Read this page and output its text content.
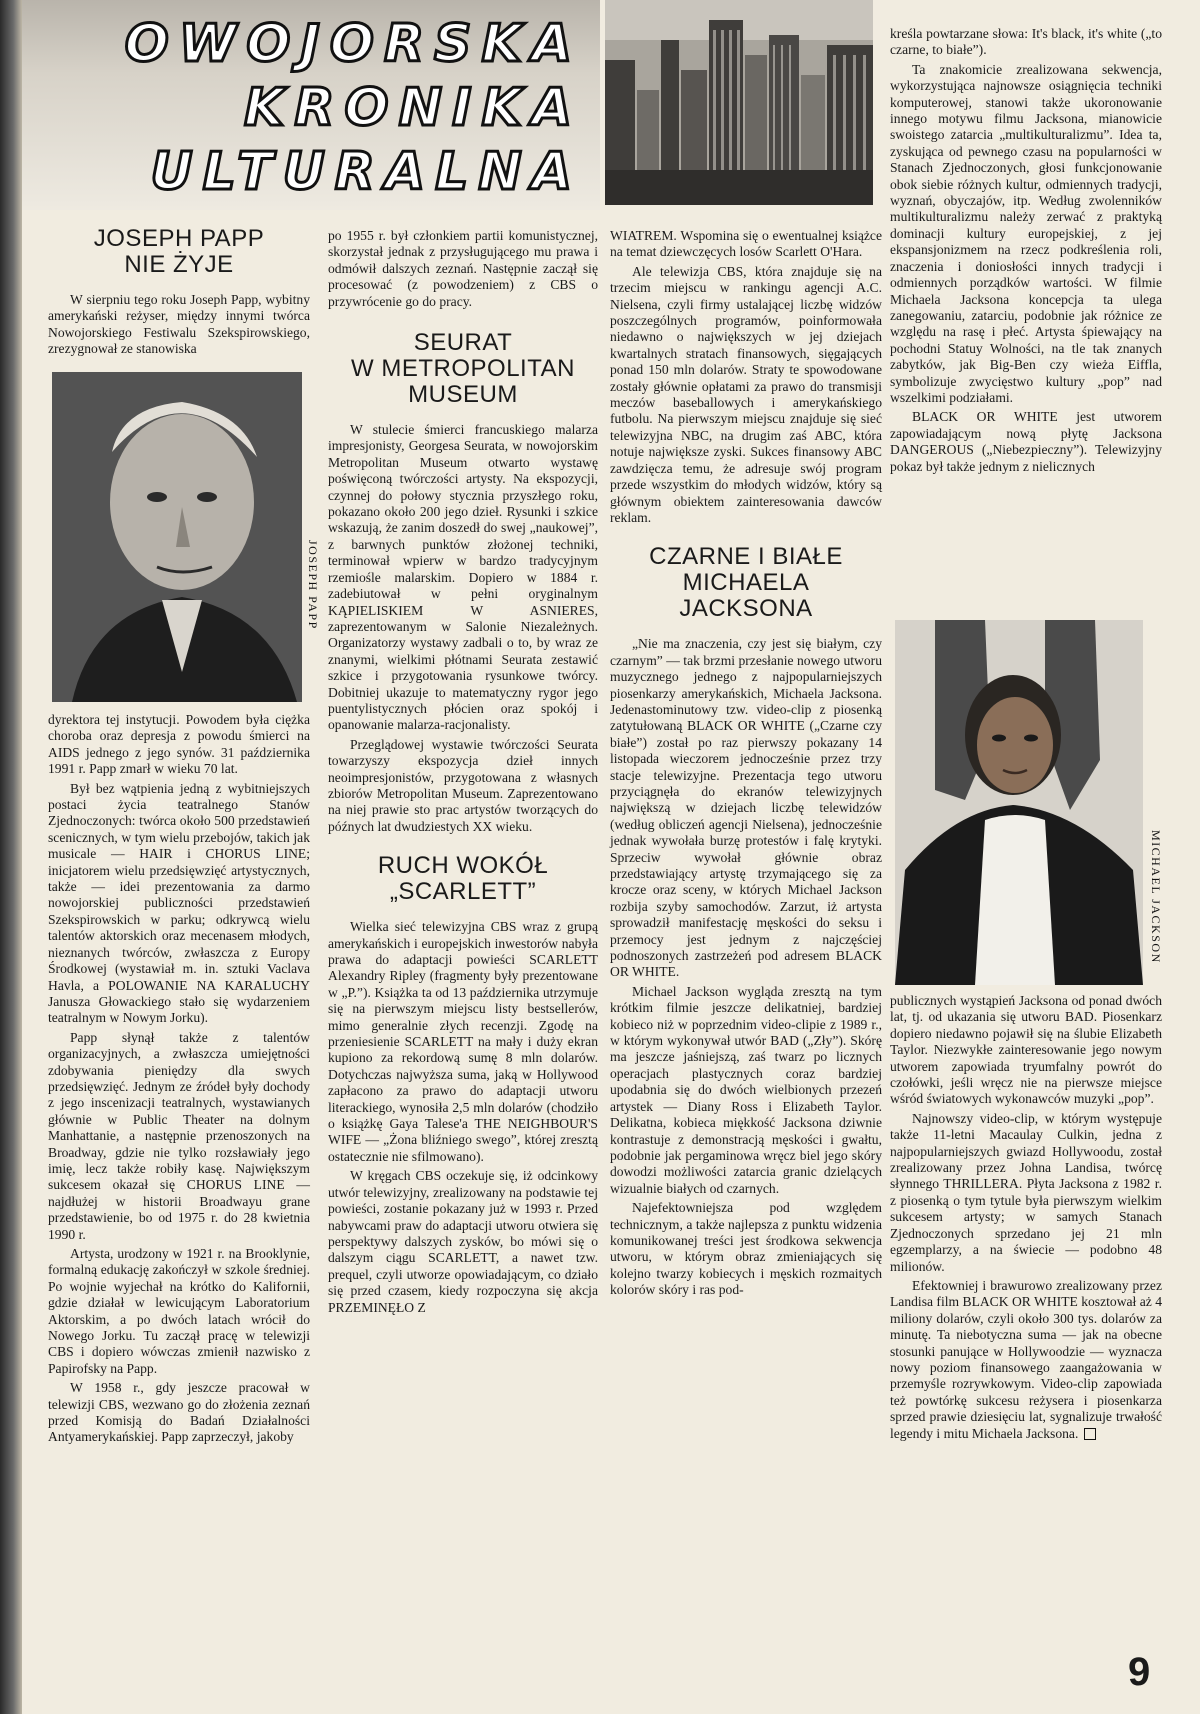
OWOJORSKA
KRONIKA
ULTURALNA
JOSEPH PAPP
NIE ŻYJE

W sierpniu tego roku Joseph Papp, wybitny amerykański reżyser, między innymi twórca Nowojorskiego Festiwalu Szekspirowskiego, zrezygnował ze stanowiska

JOSEPH PAPP

dyrektora tej instytucji. Powodem była ciężka choroba oraz depresja z powodu śmierci na AIDS jednego z jego synów. 31 października 1991 r. Papp zmarł w wieku 70 lat.

Był bez wątpienia jedną z wybitniejszych postaci życia teatralnego Stanów Zjednoczonych: twórca około 500 przedstawień scenicznych, w tym wielu przebojów, takich jak musicale — HAIR i CHORUS LINE; inicjatorem wielu przedsięwzięć artystycznych, także — idei prezentowania za darmo nowojorskiej publiczności przedstawień Szekspirowskich w parku; odkrywcą wielu talentów aktorskich oraz mecenasem młodych, nieznanych twórców, zwłaszcza z Europy Środkowej (wystawiał m. in. sztuki Vaclava Havla, a POLOWANIE NA KARALUCHY Janusza Głowackiego stało się wydarzeniem teatralnym w Nowym Jorku).

Papp słynął także z talentów organizacyjnych, a zwłaszcza umiejętności zdobywania pieniędzy dla swych przedsięwzięć. Jednym ze źródeł były dochody z jego inscenizacji teatralnych, wystawianych głównie w Public Theater na dolnym Manhattanie, a następnie przenoszonych na Broadway, gdzie nie tylko rozsławiały jego imię, lecz także robiły kasę. Największym sukcesem okazał się CHORUS LINE — najdłużej w historii Broadwayu grane przedstawienie, bo od 1975 r. do 28 kwietnia 1990 r.

Artysta, urodzony w 1921 r. na Brooklynie, formalną edukację zakończył w szkole średniej. Po wojnie wyjechał na krótko do Kalifornii, gdzie działał w lewicującym Laboratorium Aktorskim, a po dwóch latach wrócił do Nowego Jorku. Tu zaczął pracę w telewizji CBS i dopiero wówczas zmienił nazwisko z Papirofsky na Papp.

W 1958 r., gdy jeszcze pracował w telewizji CBS, wezwano go do złożenia zeznań przed Komisją do Badań Działalności Antyamerykańskiej. Papp zaprzeczył, jakoby

po 1955 r. był członkiem partii komunistycznej, skorzystał jednak z przysługującego mu prawa i odmówił dalszych zeznań. Następnie zaczął się procesować (z powodzeniem) z CBS o przywrócenie go do pracy.

SEURAT
W METROPOLITAN
MUSEUM

W stulecie śmierci francuskiego malarza impresjonisty, Georgesa Seurata, w nowojorskim Metropolitan Museum otwarto wystawę poświęconą twórczości artysty. Na ekspozycji, czynnej do połowy stycznia przyszłego roku, pokazano około 200 jego dzieł. Rysunki i szkice wskazują, że zanim doszedł do swej „naukowej”, z barwnych punktów złożonej techniki, terminował wpierw w bardzo tradycyjnym rzemiośle malarskim. Dopiero w 1884 r. zadebiutował w pełni oryginalnym KĄPIELISKIEM W ASNIERES, zaprezentowanym w Salonie Niezależnych. Organizatorzy wystawy zadbali o to, by wraz ze znanymi, wielkimi płótnami Seurata zestawić szkice i przygotowania rysunkowe twórcy. Dobitniej ukazuje to matematyczny rygor jego puentylistycznych płócien oraz spokój i opanowanie malarza-racjonalisty.

Przeglądowej wystawie twórczości Seurata towarzyszy ekspozycja dzieł innych neoimpresjonistów, przygotowana z własnych zbiorów Metropolitan Museum. Zaprezentowano na niej prawie sto prac artystów tworzących do późnych lat dwudziestych XX wieku.

RUCH WOKÓŁ
„SCARLETT”

Wielka sieć telewizyjna CBS wraz z grupą amerykańskich i europejskich inwestorów nabyła prawa do adaptacji powieści SCARLETT Alexandry Ripley (fragmenty były prezentowane w „P.”). Książka ta od 13 października utrzymuje się na pierwszym miejscu listy bestsellerów, mimo generalnie złych recenzji. Zgodę na przeniesienie SCARLETT na mały i duży ekran kupiono za rekordową sumę 8 mln dolarów. Dotychczas najwyższa suma, jaką w Hollywood zapłacono za prawo do adaptacji utworu literackiego, wynosiła 2,5 mln dolarów (chodziło o książkę Gaya Talese'a THE NEIGHBOUR'S WIFE — „Żona bliźniego swego”, której zresztą ostatecznie nie sfilmowano).

W kręgach CBS oczekuje się, iż odcinkowy utwór telewizyjny, zrealizowany na podstawie tej powieści, zostanie pokazany już w 1993 r. Przed nabywcami praw do adaptacji utworu otwiera się perspektywy dalszych zysków, bo mówi się o dalszym ciągu SCARLETT, a nawet tzw. prequel, czyli utworze opowiadającym, co działo się przed czasem, kiedy rozpoczyna się akcja PRZEMINĘŁO Z

WIATREM. Wspomina się o ewentualnej książce na temat dziewczęcych losów Scarlett O'Hara.

Ale telewizja CBS, która znajduje się na trzecim miejscu w rankingu agencji A.C. Nielsena, czyli firmy ustalającej liczbę widzów poszczególnych programów, poinformowała niedawno o największych w jej dziejach kwartalnych stratach finansowych, sięgających ponad 150 mln dolarów. Straty te spowodowane zostały głównie opłatami za prawo do transmisji meczów baseballowych i amerykańskiego futbolu. Na pierwszym miejscu znajduje się sieć telewizyjna NBC, na drugim zaś ABC, która notuje największe zyski. Sukces finansowy ABC zawdzięcza temu, że adresuje swój program przede wszystkim do młodych widzów, który są głównym obiektem zainteresowania dawców reklam.

CZARNE I BIAŁE
MICHAELA
JACKSONA

„Nie ma znaczenia, czy jest się białym, czy czarnym” — tak brzmi przesłanie nowego utworu muzycznego jednego z najpopularniejszych piosenkarzy amerykańskich, Michaela Jacksona. Jedenastominutowy tzw. video-clip z piosenką zatytułowaną BLACK OR WHITE („Czarne czy białe”) został po raz pierwszy pokazany 14 listopada wieczorem jednocześnie przez trzy stacje telewizyjne. Prezentacja tego utworu przyciągnęła do ekranów telewizyjnych największą w dziejach liczbę telewidzów (według obliczeń agencji Nielsena), jednocześnie jednak wywołała burzę protestów i falę krytyki. Sprzeciw wywołał głównie obraz przedstawiający artystę trzymającego się za krocze oraz sceny, w których Michael Jackson rozbija szyby samochodów. Zarzut, iż artysta sprowadził manifestację męskości do seksu i przemocy jest jednym z najczęściej podnoszonych zastrzeżeń pod adresem BLACK OR WHITE.

Michael Jackson wygląda zresztą na tym krótkim filmie jeszcze delikatniej, bardziej kobieco niż w poprzednim video-clipie z 1989 r., w którym wykonywał utwór BAD („Zły”). Skórę ma jeszcze jaśniejszą, zaś twarz po licznych operacjach plastycznych coraz bardziej upodabnia się do dwóch wielbionych przezeń artystek — Diany Ross i Elizabeth Taylor. Delikatna, kobieca miękkość Jacksona dziwnie kontrastuje z demonstracją męskości i gwałtu, podobnie jak pergaminowa wręcz biel jego skóry dowodzi możliwości zatarcia granic dzielących wizualnie białych od czarnych.

Najefektowniejsza pod względem technicznym, a także najlepsza z punktu widzenia komunikowanej treści jest środkowa sekwencja utworu, w którym obraz zmieniających się kolejno twarzy kobiecych i męskich rozmaitych kolorów skóry i ras pod-

kreśla powtarzane słowa: It's black, it's white („to czarne, to białe”).

Ta znakomicie zrealizowana sekwencja, wykorzystująca najnowsze osiągnięcia techniki komputerowej, stanowi także ukoronowanie innego motywu filmu Jacksona, mianowicie swoistego zatarcia „multikulturalizmu”. Idea ta, zyskująca od pewnego czasu na popularności w Stanach Zjednoczonych, głosi funkcjonowanie obok siebie różnych kultur, odmiennych tradycji, wyznań, obyczajów, itp. Według zwolenników multikulturalizmu należy zerwać z praktyką dominacji kultury europejskiej, z jej ekspansjonizmem na rzecz podkreślenia roli, znaczenia i doniosłości innych tradycji i odmiennych porządków wartości. W filmie Michaela Jacksona koncepcja ta ulega zanegowaniu, zatarciu, podobnie jak różnice ze względu na rasę i płeć. Artysta śpiewający na pochodni Statuy Wolności, na tle tak znanych zabytków, jak Big-Ben czy wieża Eiffla, symbolizuje zwycięstwo kultury „pop” nad wszelkimi podziałami.

BLACK OR WHITE jest utworem zapowiadającym nową płytę Jacksona DANGEROUS („Niebezpieczny”). Telewizyjny pokaz był także jednym z nielicznych

MICHAEL JACKSON

publicznych wystąpień Jacksona od ponad dwóch lat, tj. od ukazania się utworu BAD. Piosenkarz dopiero niedawno pojawił się na ślubie Elizabeth Taylor. Niezwykłe zainteresowanie jego nowym utworem zapowiada tryumfalny powrót do czołówki, jeśli wręcz nie na pierwsze miejsce wśród światowych wykonawców muzyki „pop”.

Najnowszy video-clip, w którym występuje także 11-letni Macaulay Culkin, jedna z najpopularniejszych gwiazd Hollywoodu, został zrealizowany przez Johna Landisa, twórcę słynnego THRILLERA. Płyta Jacksona z 1982 r. z piosenką o tym tytule była pierwszym wielkim sukcesem artysty; w samych Stanach Zjednoczonych sprzedano jej 21 mln egzemplarzy, a na świecie — podobno 48 milionów.

Efektowniej i brawurowo zrealizowany przez Landisa film BLACK OR WHITE kosztował aż 4 miliony dolarów, czyli około 300 tys. dolarów za minutę. Ta niebotyczna suma — jak na obecne stosunki panujące w Hollywoodzie — wyznacza nowy poziom finansowego zaangażowania w przemyśle rozrywkowym. Video-clip zapowiada też powtórkę sukcesu reżysera i piosenkarza sprzed prawie dziesięciu lat, sygnalizuje trwałość legendy i mitu Michaela Jacksona.

9
